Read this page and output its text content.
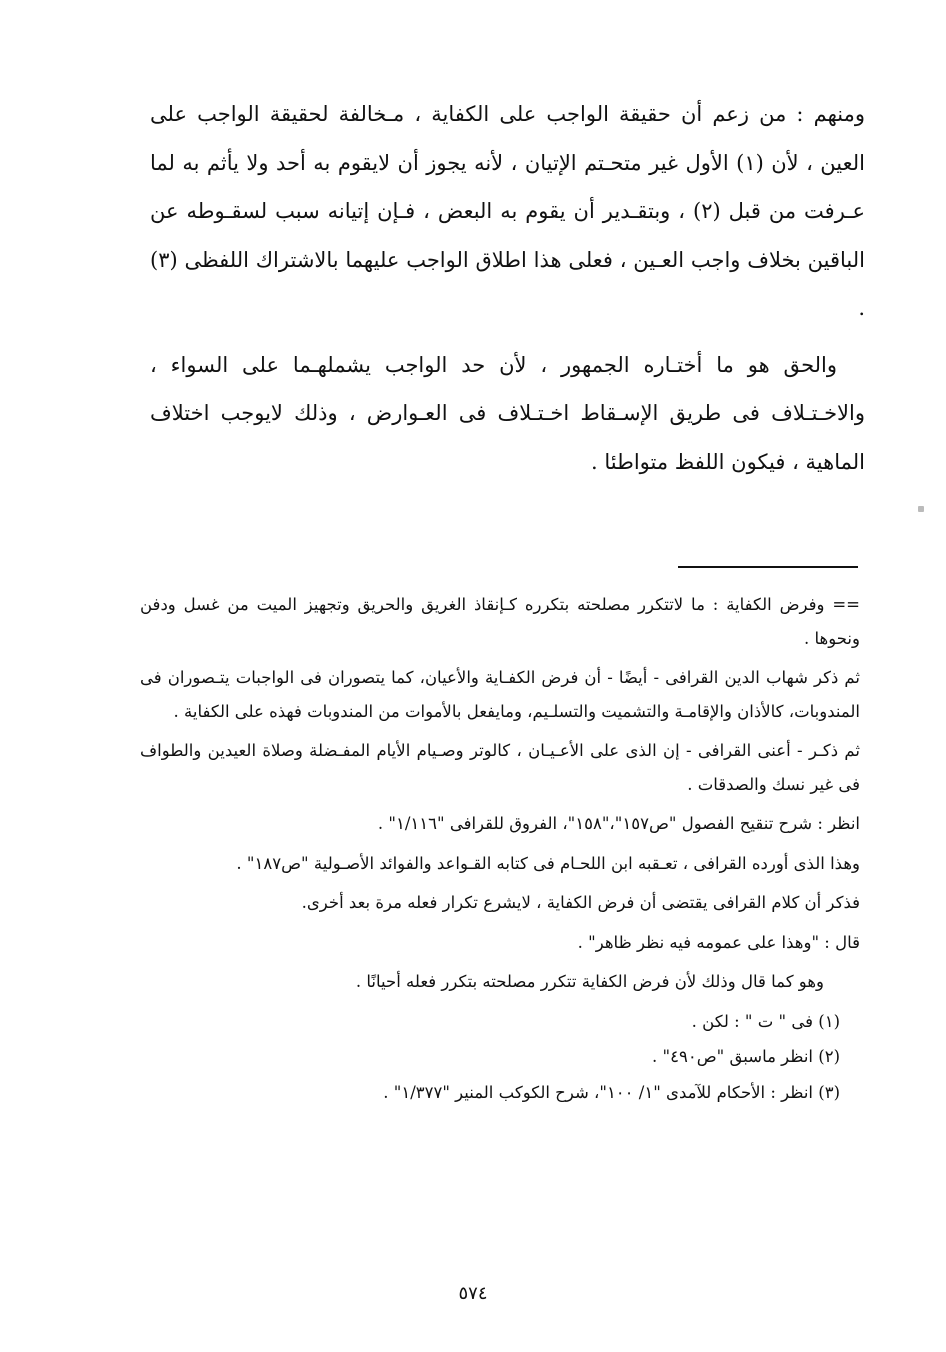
ومنهم : من زعم أن حقيقة الواجب على الكفاية ، مـخالفة لحقيقة الواجب على العين ، لأن (١) الأول غير متحـتم الإتيان ، لأنه يجوز أن لايقوم به أحد ولا يأثم به لما عـرفت من قبل (٢) ، وبتقـدير أن يقوم به البعض ، فـإن إتيانه سبب لسقـوطه عن الباقين بخلاف واجب العـين ، فعلى هذا اطلاق الواجب عليهما بالاشتراك اللفظى (٣) .

والحق هو ما أختـاره الجمهور ، لأن حد الواجب يشملهـما على السواء ، والاخـتـلاف فى طريق الإسـقاط اخـتـلاف فى العـوارض ، وذلك لايوجب اختلاف الماهية ، فيكون اللفظ متواطئا .

== وفرض الكفاية : ما لاتتكرر مصلحته بتكرره كـإنقاذ الغريق والحريق وتجهيز الميت من غسل ودفن ونحوها .

ثم ذكر شهاب الدين القرافى - أيضًا - أن فرض الكفـاية والأعيان، كما يتصوران فى الواجبات يتـصوران فى المندوبات، كالأذان والإقامـة والتشميت والتسلـيم، ومايفعل بالأموات من المندوبات فهذه على الكفاية .

ثم ذكـر - أعنى القرافى - إن الذى على الأعـيـان ، كالوتر وصـيام الأيام المفـضلة وصلاة العيدين والطواف فى غير نسك والصدقات .

انظر : شرح تنقيح الفصول "ص١٥٧"،"١٥٨"، الفروق للقرافى "١/١١٦" .

وهذا الذى أورده القرافى ، تعـقبه ابن اللحـام فى كتابه القـواعد والفوائد الأصـولية "ص١٨٧" .

فذكر أن كلام القرافى يقتضى أن فرض الكفاية ، لايشرع تكرار فعله مرة بعد أخرى.

قال : "وهذا على عمومه فيه نظر ظاهر" .

وهو كما قال وذلك لأن فرض الكفاية تتكرر مصلحته بتكرر فعله أحيانًا .

(١) فى " ت " : لكن .

(٢) انظر ماسبق "ص٤٩٠" .

(٣) انظر : الأحكام للآمدى "١/ ١٠٠"، شرح الكوكب المنير "١/٣٧٧" .

٥٧٤
